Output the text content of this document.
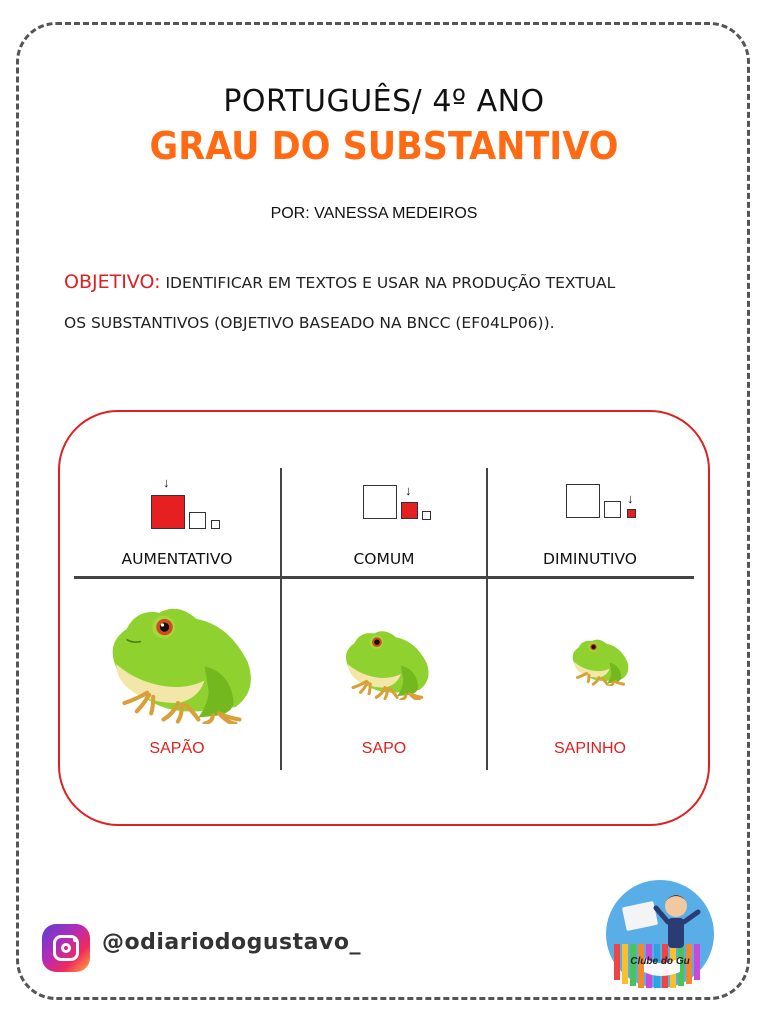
PORTUGUÊS/ 4º ANO
GRAU DO SUBSTANTIVO
POR: VANESSA MEDEIROS
OBJETIVO: IDENTIFICAR EM TEXTOS E USAR NA PRODUÇÃO TEXTUAL
OS SUBSTANTIVOS (OBJETIVO BASEADO NA BNCC (EF04LP06)).
↓
↓
↓
AUMENTATIVO	COMUM	DIMINUTIVO
SAPÃO	SAPO	SAPINHO
@odiariodogustavo_
Clube do Gu
